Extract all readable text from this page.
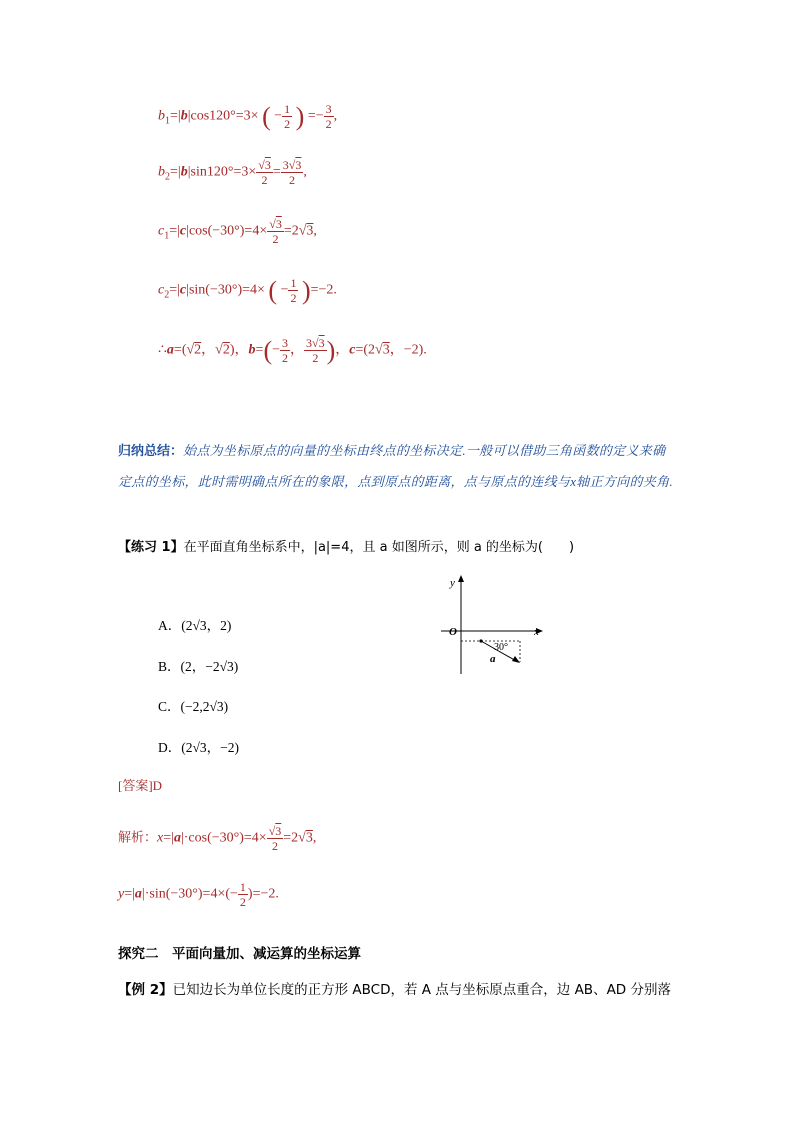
$b_1=|b|\cos 120^\circ=3\times$ ( − $\frac{1}{2}$ ) =− $\frac{3}{2}$ ,
$b_2=|b|\sin 120^\circ=3\times \frac{√3}{2} = \frac{3√3}{2}$ ,
$c_1=|c|\cos(-30^\circ)=4\times \frac{√3}{2} =2√3$,
$c_2=|c|\sin(-30^\circ)=4\times$ ( − $\frac{1}{2} )=-2$.
∴a=(√2，√2)，$b=(- \frac{3}{2}$ ， $\frac{3√3}{2}$ )，c=(2√3，−2).
归纳总结：始点为坐标原点的向量的坐标由终点的坐标决定.一般可以借助三角函数的定义来确定点的坐标，此时需明确点所在的象限，点到原点的距离，点与原点的连线与x轴正方向的夹角.
【练习 1】在平面直角坐标系中，|a|=4，且 a 如图所示，则 a 的坐标为(　　)
A．(2√3，2)
B．(2，−2√3)
C．(−2,2√3)
D．(2√3，−2)
y
x
O
30°
a
[答案]D
解析：$x=|a|\cdot\cos(-30^\circ)=4\times \frac{√3}{2} =2√3$,
$y=|a|\cdot\sin(-30^\circ)=4\times(- \frac{1}{2} )=-2$.
探究二　平面向量加、减运算的坐标运算
【例 2】已知边长为单位长度的正方形 ABCD，若 A 点与坐标原点重合，边 AB、AD 分别落
